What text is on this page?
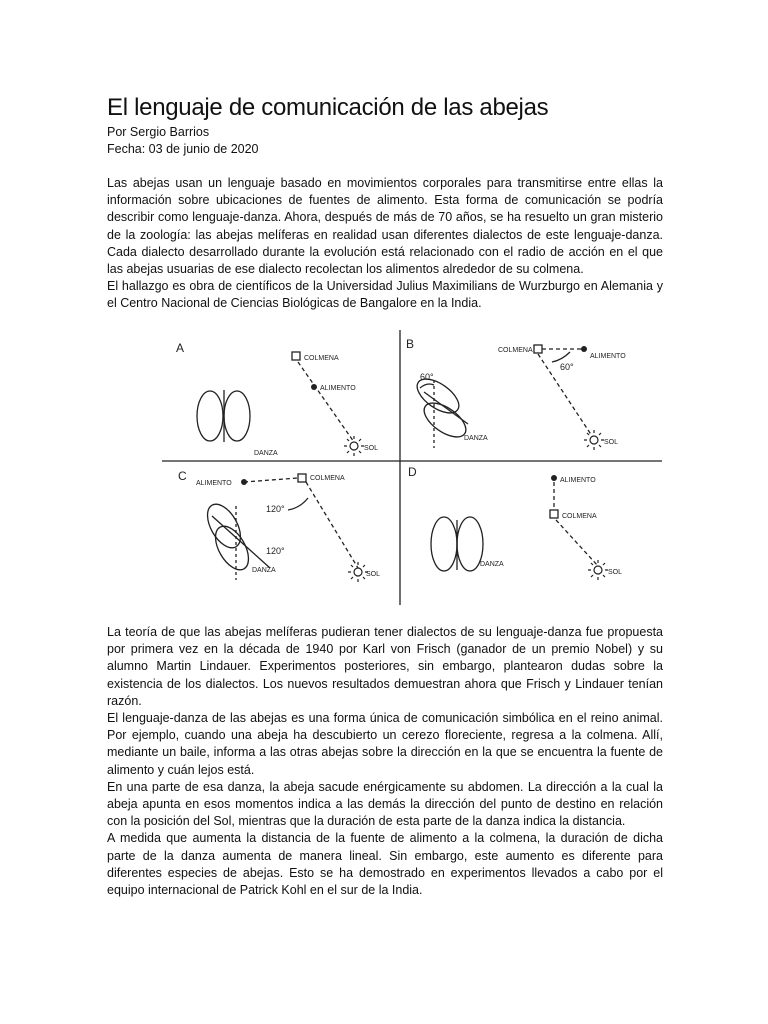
El lenguaje de comunicación de las abejas
Por Sergio Barrios
Fecha: 03 de junio de 2020
Las abejas usan un lenguaje basado en movimientos corporales para transmitirse entre ellas la información sobre ubicaciones de fuentes de alimento. Esta forma de comunicación se podría describir como lenguaje-danza. Ahora, después de más de 70 años, se ha resuelto un gran misterio de la zoología: las abejas melíferas en realidad usan diferentes dialectos de este lenguaje-danza. Cada dialecto desarrollado durante la evolución está relacionado con el radio de acción en el que las abejas usuarias de ese dialecto recolectan los alimentos alrededor de su colmena.
El hallazgo es obra de científicos de la Universidad Julius Maximilians de Wurzburgo en Alemania y el Centro Nacional de Ciencias Biológicas de Bangalore en la India.
A	B
C	D
COLMENA
ALIMENTO
DANZA
SOL
COLMENA
ALIMENTO
60°
60°
DANZA
SOL
ALIMENTO
COLMENA
120°
120°
DANZA
SOL
ALIMENTO
COLMENA
DANZA
SOL
La teoría de que las abejas melíferas pudieran tener dialectos de su lenguaje-danza fue propuesta por primera vez en la década de 1940 por Karl von Frisch (ganador de un premio Nobel) y su alumno Martin Lindauer. Experimentos posteriores, sin embargo, plantearon dudas sobre la existencia de los dialectos. Los nuevos resultados demuestran ahora que Frisch y Lindauer tenían razón.
El lenguaje-danza de las abejas es una forma única de comunicación simbólica en el reino animal. Por ejemplo, cuando una abeja ha descubierto un cerezo floreciente, regresa a la colmena. Allí, mediante un baile, informa a las otras abejas sobre la dirección en la que se encuentra la fuente de alimento y cuán lejos está.
En una parte de esa danza, la abeja sacude enérgicamente su abdomen. La dirección a la cual la abeja apunta en esos momentos indica a las demás la dirección del punto de destino en relación con la posición del Sol, mientras que la duración de esta parte de la danza indica la distancia.
A medida que aumenta la distancia de la fuente de alimento a la colmena, la duración de dicha parte de la danza aumenta de manera lineal. Sin embargo, este aumento es diferente para diferentes especies de abejas. Esto se ha demostrado en experimentos llevados a cabo por el equipo internacional de Patrick Kohl en el sur de la India.
